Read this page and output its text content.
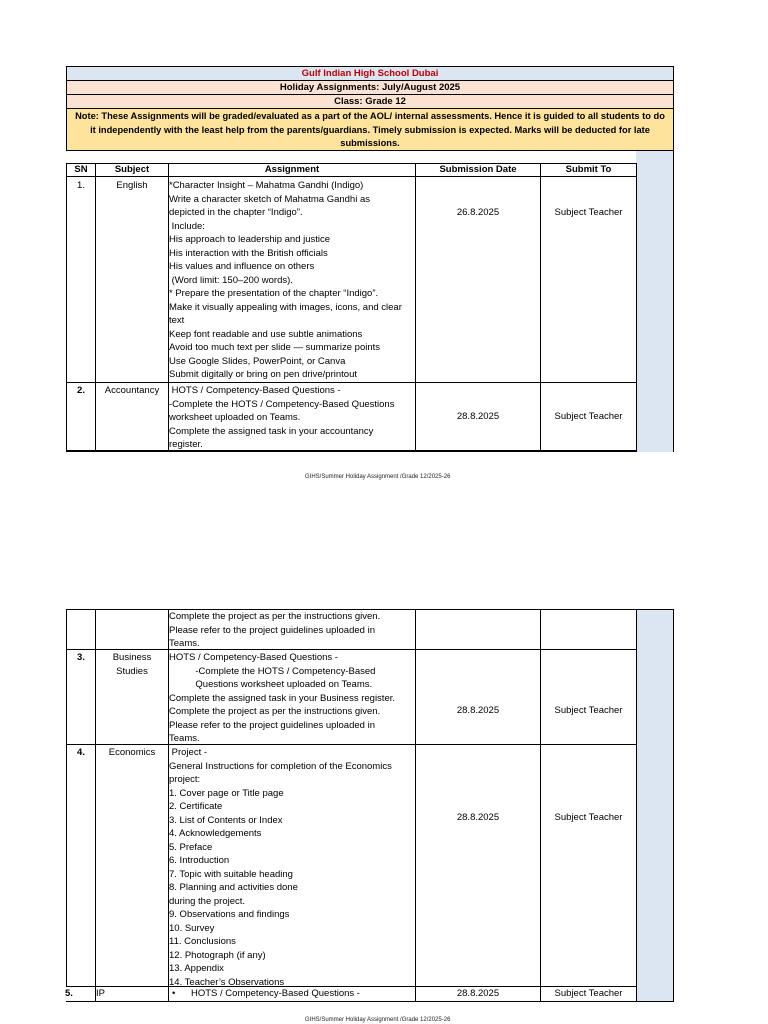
Gulf Indian High School Dubai
Holiday Assignments: July/August 2025
Class: Grade 12
Note: These Assignments will be graded/evaluated as a part of the AOL/ internal assessments. Hence it is guided to all students to do it independently with the least help from the parents/guardians. Timely submission is expected. Marks will be deducted for late submissions.
SN	Subject	Assignment	Submission Date	Submit To
1.	English	*Character Insight – Mahatma Gandhi (Indigo)
Write a character sketch of Mahatma Gandhi as
depicted in the chapter “Indigo”.
Include:
His approach to leadership and justice
His interaction with the British officials
His values and influence on others
(Word limit: 150–200 words).
* Prepare the presentation of the chapter “Indigo”.
Make it visually appealing with images, icons, and clear
text
Keep font readable and use subtle animations
Avoid too much text per slide — summarize points
Use Google Slides, PowerPoint, or Canva
Submit digitally or bring on pen drive/printout
26.8.2025	Subject Teacher
2.	Accountancy	HOTS / Competency-Based Questions -
-Complete the HOTS / Competency-Based Questions
worksheet uploaded on Teams.
Complete the assigned task in your accountancy
register.
28.8.2025	Subject Teacher
GIHS/Summer Holiday Assignment /Grade 12/2025-26
Complete the project as per the instructions given.
Please refer to the project guidelines uploaded in
Teams.
3.	Business
Studies
HOTS / Competency-Based Questions -
-Complete the HOTS / Competency-Based
Questions worksheet uploaded on Teams.
Complete the assigned task in your Business register.
Complete the project as per the instructions given.
Please refer to the project guidelines uploaded in
Teams.
28.8.2025	Subject Teacher
4.	Economics	Project -
General Instructions for completion of the Economics
project:
1. Cover page or Title page
2. Certificate
3. List of Contents or Index
4. Acknowledgements
5. Preface
6. Introduction
7. Topic with suitable heading
8. Planning and activities done
during the project.
9. Observations and findings
10. Survey
11. Conclusions
12. Photograph (if any)
13. Appendix
14. Teacher’s Observations
28.8.2025	Subject Teacher
5.	IP	• HOTS / Competency-Based Questions -	28.8.2025	Subject Teacher
GIHS/Summer Holiday Assignment /Grade 12/2025-26
